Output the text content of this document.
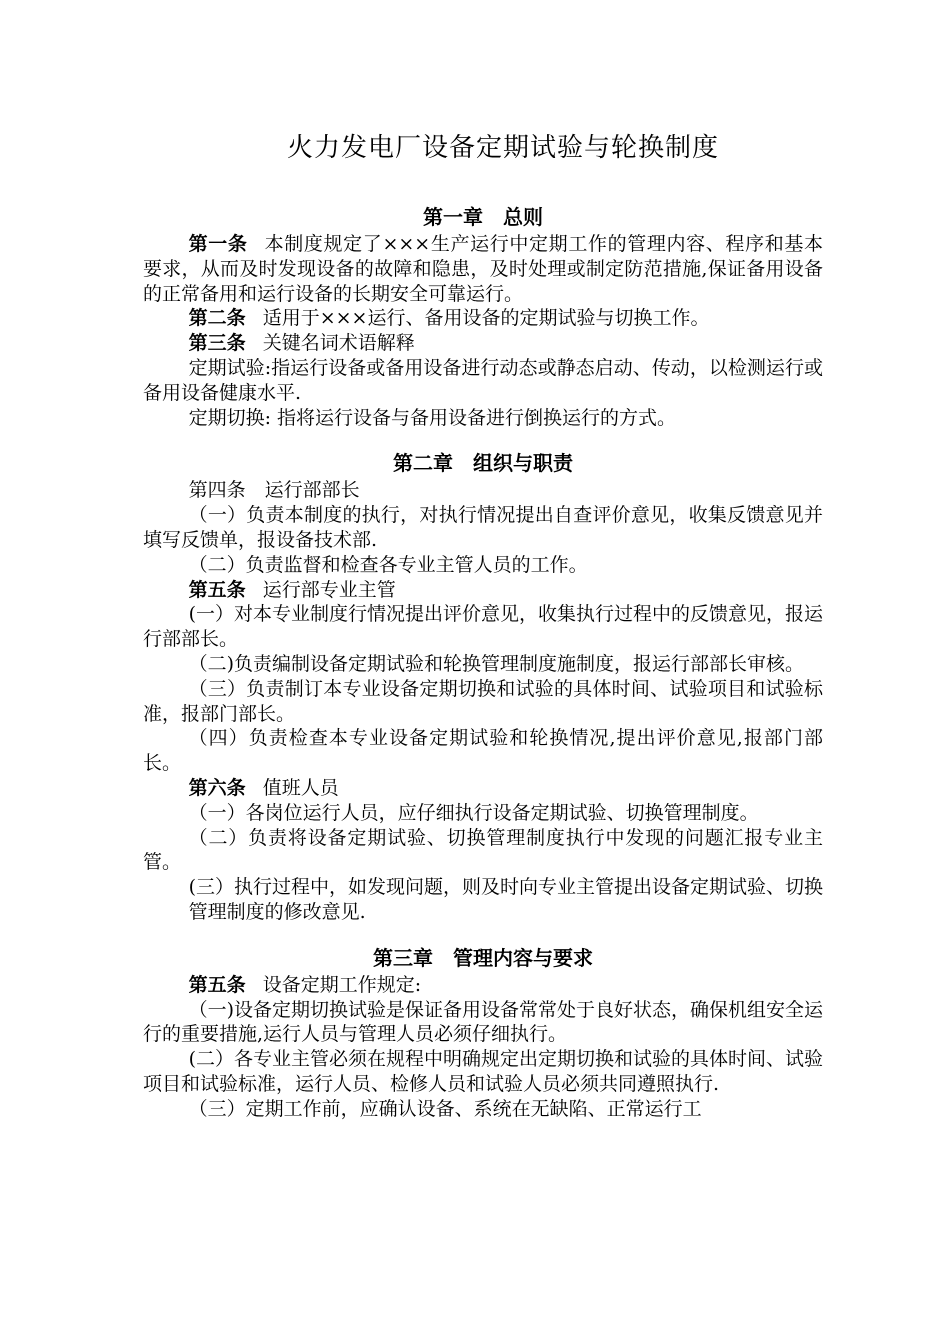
火力发电厂设备定期试验与轮换制度
第一章　总则

第一条 本制度规定了×××生产运行中定期工作的管理内容、程序和基本要求，从而及时发现设备的故障和隐患，及时处理或制定防范措施,保证备用设备的正常备用和运行设备的长期安全可靠运行。

第二条 适用于×××运行、备用设备的定期试验与切换工作。

第三条 关键名词术语解释

定期试验:指运行设备或备用设备进行动态或静态启动、传动，以检测运行或备用设备健康水平.

定期切换: 指将运行设备与备用设备进行倒换运行的方式。

第二章　组织与职责

第四条　运行部部长

（一）负责本制度的执行，对执行情况提出自查评价意见，收集反馈意见并填写反馈单，报设备技术部.

（二）负责监督和检查各专业主管人员的工作。

第五条 运行部专业主管

(一）对本专业制度行情况提出评价意见，收集执行过程中的反馈意见，报运行部部长。

（二)负责编制设备定期试验和轮换管理制度施制度，报运行部部长审核。

（三）负责制订本专业设备定期切换和试验的具体时间、试验项目和试验标准，报部门部长。

（四）负责检查本专业设备定期试验和轮换情况,提出评价意见,报部门部长。

第六条 值班人员

（一）各岗位运行人员，应仔细执行设备定期试验、切换管理制度。

（二）负责将设备定期试验、切换管理制度执行中发现的问题汇报专业主管。

(三）执行过程中，如发现问题，则及时向专业主管提出设备定期试验、切换管理制度的修改意见.

第三章　管理内容与要求

第五条 设备定期工作规定:

（一)设备定期切换试验是保证备用设备常常处于良好状态，确保机组安全运行的重要措施,运行人员与管理人员必须仔细执行。

(二）各专业主管必须在规程中明确规定出定期切换和试验的具体时间、试验项目和试验标准，运行人员、检修人员和试验人员必须共同遵照执行.

（三）定期工作前，应确认设备、系统在无缺陷、正常运行工
